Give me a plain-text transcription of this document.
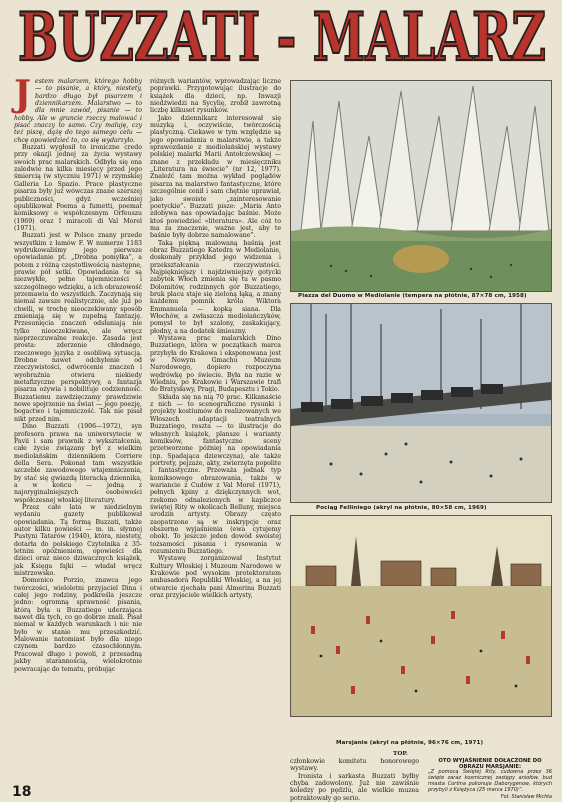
BUZZATI - MALARZ

Jestem malarzem, którego hobby — to pisanie, a który, niestety, bardzo długo był pisarzem i dziennikarzem. Malarstwo — to dla mnie zawód, pisanie — to hobby. Ale w gruncie rzeczy malować i pisać znaczy to samo. Czy maluję, czy też piszę, dążę do tego samego celu — chcę opowiedzieć to, co się wydarzyło.

Buzzati wygłosił to ironiczne credo przy okazji jednej za życia wystawy swoich prac malarskich. Odbyła się ona zaledwie na kilka miesięcy przed jego śmiercią (w styczniu 1971) w rzymskiej Galleria Lo Spazio. Prace plastyczne pisarza były już wówczas znane szerszej publiczności, gdyż wcześniej opublikował Poema a fumetti, poemat komiksowy o współczesnym Orfeuszu (1969) oraz I miracoli di Val Morel (1971).

Buzzati jest w Polsce znany przede wszystkim z łamów F. W numerze 1183 wydrukowaliśmy jego pierwsze opowiadanie pt. „Drobna pomyłka”, a potem z różną częstotliwością następne, prawie pół setki. Opowiadania te są niezwykłe, pełne tajemniczości i szczególnego wdzięku, a ich obrazowość przemawia do wszystkich. Zaczynają się niemal zawsze realistycznie, ale już po chwili, w trochę nieoczekiwany sposób zmieniają się w zupełną fantazję. Przesunięcia znaczeń odsłaniają nie tylko nieoczekiwane, ale wręcz nieprzeczuwalne reakcje. Zasada jest prosta: zderzenie chłodnego, rzeczowego języka z osobliwą sytuacją. Drobne nawet odchylenie od rzeczywistości, odwrócenie znaczeń i wyobraźnia otwiera niekiedy metafizyczne perspektywy, a fantazja pisarza ożywia i nobilituje codzienność. Buzzatiemu zawdzięczamy prawdziwie nowe spojrzenie na świat — jego poezję, bogactwo i tajemniczość. Tak nie pisał nikt przed nim.

Dino Buzzati (1906—1972), syn profesora prawa na uniwersytecie w Pavii i sam prawnik z wykształcenia, całe życie związany był z wielkim mediolańskim dziennikiem Corriere della Sera. Pokonał tam wszystkie szczeble zawodowego wtajemniczenia, by stać się gwiazdą literacką dziennika, a w końcu — jedną z najoryginalniejszych osobowości współczesnej włoskiej literatury.

Przez całe lata w niedzielnym wydaniu gazety publikował opowiadania. Tą formą Buzzati, także autor kilku powieści — m. in. słynnej Pustyni Tatarów (1940), która, niestety, dotarła do polskiego Czytelnika z 35-letnim opóźnieniem, opowieści dla dzieci oraz nieco dziwacznych książek, jak Księga fajki — władał wręcz mistrzowsko.

Domenico Porzio, znawca jego twórczości, wieloletni przyjaciel Dina i całej jego rodziny, podkreśla jeszcze jedno: ogromną sprawność pisania, którą była u Buzzatiego uderzająca nawet dla tych, co go dobrze znali. Pisał niemal w każdych warunkach i nic nie było w stanie mu przeszkodzić. Malowanie natomiast było dla niego czynem bardzo czasochłonnym. Pracował długo i powoli, z przesadną jakby starannością, wielokrotnie powracając do tematu, próbując

różnych wariantów, wprowadzając liczne poprawki. Przygotowując ilustracje do książek dla dzieci, np. Inwazji niedźwiedzi na Sycylię, zrobił zawrotną liczbę kilkuset rysunków.

Jako dziennikarz interesował się muzyką i, oczywiście, twórczością plastyczną. Ciekawe w tym względzie są jego opowiadania o malarstwie, a także sprawozdanie z mediolańskiej wystawy polskiej malarki Marii Antołczewskiej — znane z przekładu w miesięczniku „Literatura na świecie” (nr 12, 1977). Znaleźć tam można wykład poglądów pisarza na malarstwo fantastyczne, które szczególnie cenił i sam chętnie uprawiał, jako swoiste „zainteresowanie poetyckie”. Buzzati pisze: „Maria Anto zdobywa nas opowiadając baśnie. Może ktoś powiedzieć «literatura». Ale cóż to ma za znaczenie, ważne jest, aby te baśnie były dobrze namalowane”.

Taką piękną malowaną baśnią jest obraz Buzzatiego Katedra w Mediolanie, doskonały przykład jego widzenia i przekształcania rzeczywistości. Najpiękniejszy i najdziwniejszy gotycki zabytek Włoch zmienia się tu w pasmo Dolomitów, rodzinnych gór Buzzatiego, bruk placu staje się zieloną łąką, a znany każdemu pomnik króla Wiktora Emmanuela — kopką siana. Dla Włochów, a zwłaszcza mediolańczyków, pomysł to był szalony, zaskakujący, płodny, a na dodatek śmieszny.

Wystawa prac malarskich Dino Buzzatiego, która w początkach marca przybyła do Krakowa i eksponowana jest w Nowym Gmachu Muzeum Narodowego, dopiero rozpoczyna wędrówkę po świecie. Była na razie w Wiedniu, po Krakowie i Warszawie trafi do Bratysławy, Pragi, Budapesztu i Tokio.

Składa się na nią 70 prac. Kilkanaście z nich — to scenograficzne rysunki i projekty kostiumów do realizowanych we Włoszech adaptacji teatralnych Buzzatiego, reszta — to ilustracje do własnych książek, plansze i warianty komiksów, fantastyczne sceny przetworzone później na opowiadania (np. Spadająca dziewczyna), ale także portrety, pejzaże, akty, zwierzęta popolite i fantastyczne. Przeważa jednak typ komiksowego obrazowania, także w wariancie z Cudów z Val Morel (1971), pełnych kpiny z dziękczynnych wot, rzekomo odnalezionych w kapliczce świętej Rity w okolicach Belluny, miejsca urodzin artysty. Obrazy często zaopatrzone są w inskrypcje oraz obszerne wyjaśnienia (ewa cytujemy obok). To jeszcze jeden dowód swoistej tożsamości pisania i rysowania w rozumieniu Buzzatiego.

Wystawę zorganizował Instytut Kultury Włoskiej i Muzeum Narodowe w Krakowie pod wysokim protektoratem ambasadora Republiki Włoskiej, a na jej otwarcie zjechała pani Almerina Buzzati oraz przyjaciele wielkich artysty,

Piazza del Duomo w Mediolanie (tempera na płótnie, 87×78 cm, 1958)
Pociąg Felliniego (akryl na płótnie, 80×58 cm, 1969)
Marsjanie (akryl na płótnie, 96×76 cm, 1971)

członkowie komitetu honorowego wystawy.

Ironista i sarkasta Buzzati byłby chyba zadowolony. Już nie zawiśnie koledzy po pędzlu, ale wielkie muzea potraktowały go serio.

TOP.
OTO WYJAŚNIENIE DOŁĄCZONE DO OBRAZU MARSJANIE:
„Z pomocą Świętej Rity, cudowna przez 36 święte zaraz kosmicznej zastępy aniołów, bud miasta Cortina pokonuje Daborygenow, których przybyli z Księżyca (25 marca 1970)”.
Fot. Stanisław Michta
18
